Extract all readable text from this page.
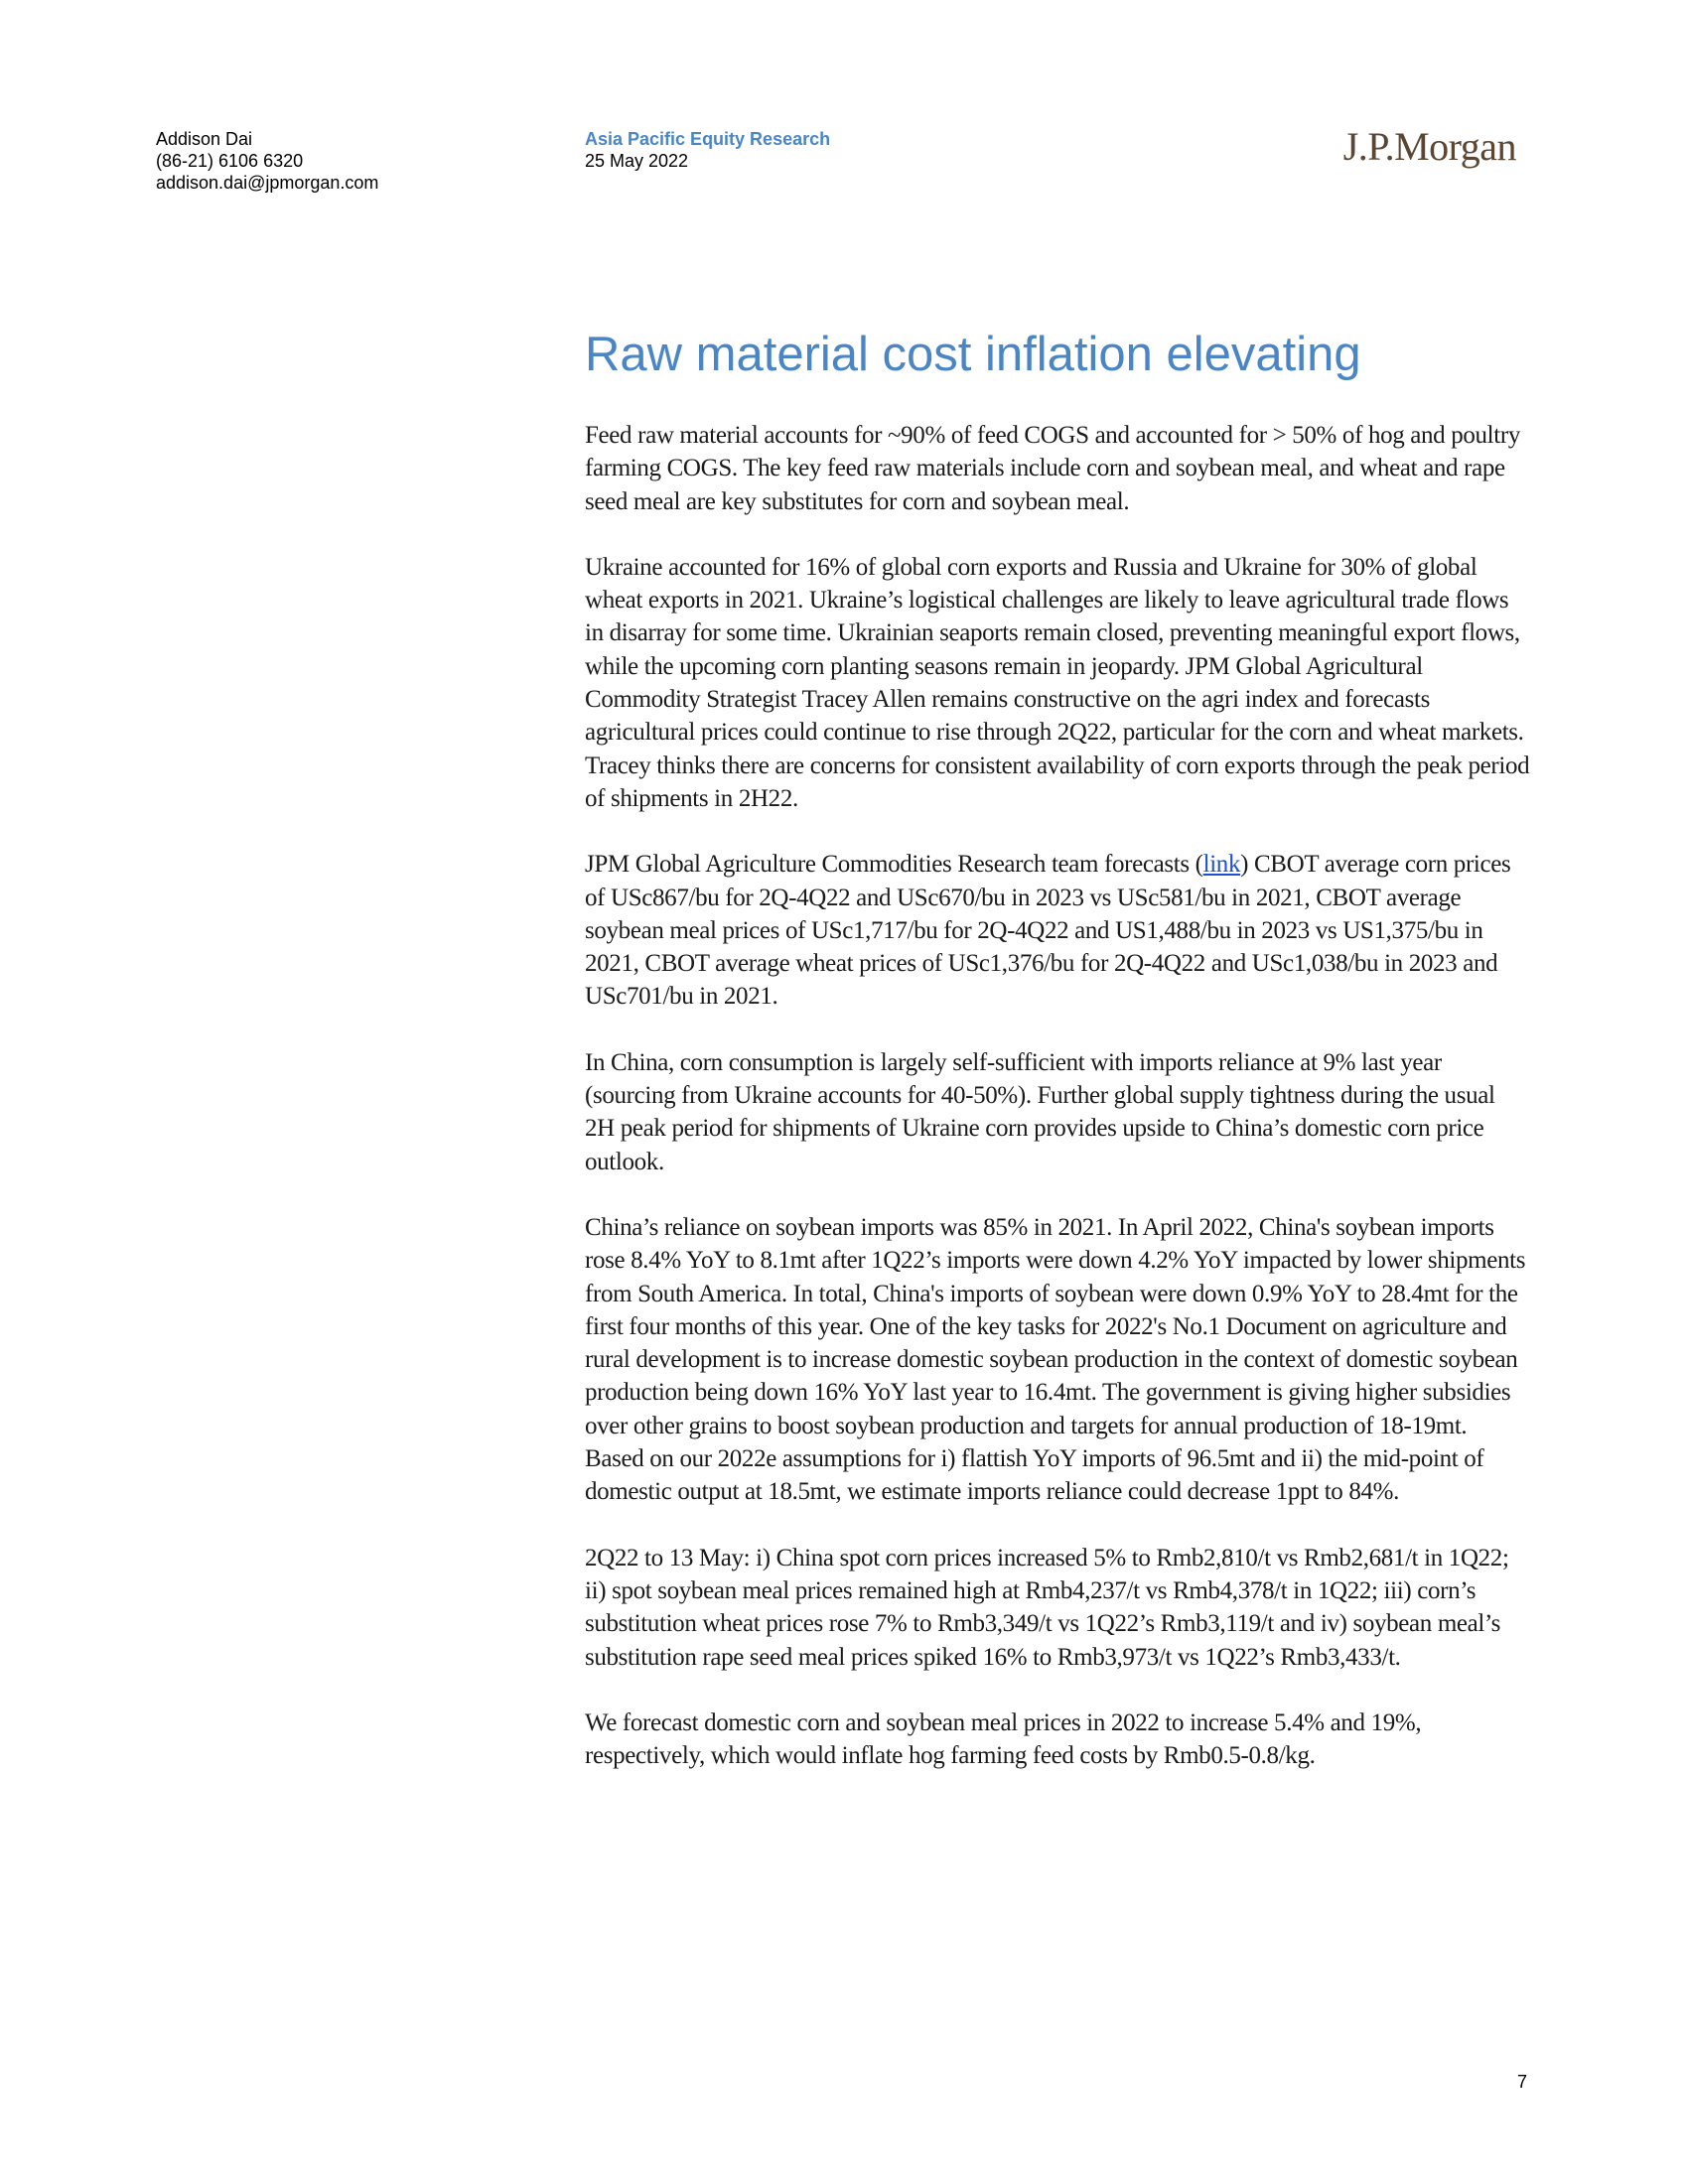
Addison Dai
(86-21) 6106 6320
addison.dai@jpmorgan.com
Asia Pacific Equity Research
25 May 2022	J.P.Morgan
Raw material cost inflation elevating

Feed raw material accounts for ~90% of feed COGS and accounted for > 50% of hog and poultry farming COGS. The key feed raw materials include corn and soybean meal, and wheat and rape seed meal are key substitutes for corn and soybean meal.

Ukraine accounted for 16% of global corn exports and Russia and Ukraine for 30% of global wheat exports in 2021. Ukraine’s logistical challenges are likely to leave agricultural trade flows in disarray for some time. Ukrainian seaports remain closed, preventing meaningful export flows, while the upcoming corn planting seasons remain in jeopardy. JPM Global Agricultural Commodity Strategist Tracey Allen remains constructive on the agri index and forecasts agricultural prices could continue to rise through 2Q22, particular for the corn and wheat markets. Tracey thinks there are concerns for consistent availability of corn exports through the peak period of shipments in 2H22.

JPM Global Agriculture Commodities Research team forecasts (link) CBOT average corn prices of USc867/bu for 2Q-4Q22 and USc670/bu in 2023 vs USc581/bu in 2021, CBOT average soybean meal prices of USc1,717/bu for 2Q-4Q22 and US1,488/bu in 2023 vs US1,375/bu in 2021, CBOT average wheat prices of USc1,376/bu for 2Q-4Q22 and USc1,038/bu in 2023 and USc701/bu in 2021.

In China, corn consumption is largely self-sufficient with imports reliance at 9% last year (sourcing from Ukraine accounts for 40-50%). Further global supply tightness during the usual 2H peak period for shipments of Ukraine corn provides upside to China’s domestic corn price outlook.

China’s reliance on soybean imports was 85% in 2021. In April 2022, China's soybean imports rose 8.4% YoY to 8.1mt after 1Q22’s imports were down 4.2% YoY impacted by lower shipments from South America. In total, China's imports of soybean were down 0.9% YoY to 28.4mt for the first four months of this year. One of the key tasks for 2022's No.1 Document on agriculture and rural development is to increase domestic soybean production in the context of domestic soybean production being down 16% YoY last year to 16.4mt. The government is giving higher subsidies over other grains to boost soybean production and targets for annual production of 18-19mt. Based on our 2022e assumptions for i) flattish YoY imports of 96.5mt and ii) the mid-point of domestic output at 18.5mt, we estimate imports reliance could decrease 1ppt to 84%.

2Q22 to 13 May: i) China spot corn prices increased 5% to Rmb2,810/t vs Rmb2,681/t in 1Q22; ii) spot soybean meal prices remained high at Rmb4,237/t vs Rmb4,378/t in 1Q22; iii) corn’s substitution wheat prices rose 7% to Rmb3,349/t vs 1Q22’s Rmb3,119/t and iv) soybean meal’s substitution rape seed meal prices spiked 16% to Rmb3,973/t vs 1Q22’s Rmb3,433/t.

We forecast domestic corn and soybean meal prices in 2022 to increase 5.4% and 19%, respectively, which would inflate hog farming feed costs by Rmb0.5-0.8/kg.

7
